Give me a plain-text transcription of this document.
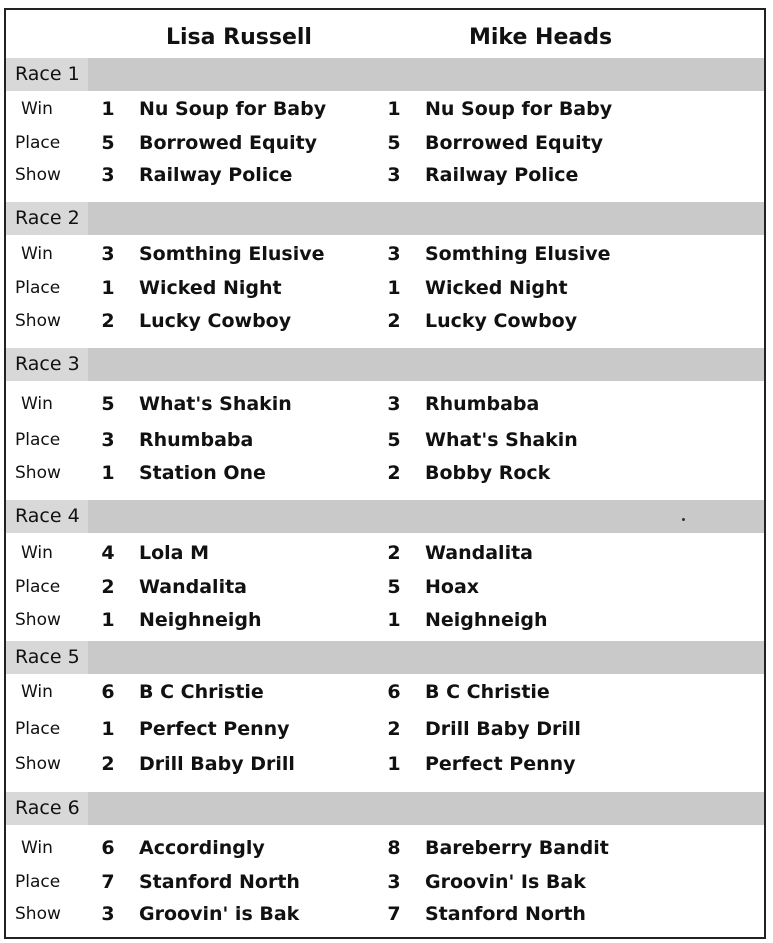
Lisa Russell	Mike Heads
Race 1
Win	1 Nu Soup for Baby	1 Nu Soup for Baby
Place	5 Borrowed Equity	5 Borrowed Equity
Show	3 Railway Police	3 Railway Police
Race 2
Win	3 Somthing Elusive	3 Somthing Elusive
Place	1 Wicked Night	1 Wicked Night
Show	2 Lucky Cowboy	2 Lucky Cowboy
Race 3
Win	5 What's Shakin	3 Rhumbaba
Place	3 Rhumbaba	5 What's Shakin
Show	1 Station One	2 Bobby Rock
Race 4
Win	4 Lola M	2 Wandalita
Place	2 Wandalita	5 Hoax
Show	1 Neighneigh	1 Neighneigh
Race 5
Win	6 B C Christie	6 B C Christie
Place	1 Perfect Penny	2 Drill Baby Drill
Show	2 Drill Baby Drill	1 Perfect Penny
Race 6
Win	6 Accordingly	8 Bareberry Bandit
Place	7 Stanford North	3 Groovin' Is Bak
Show	3 Groovin' is Bak	7 Stanford North
